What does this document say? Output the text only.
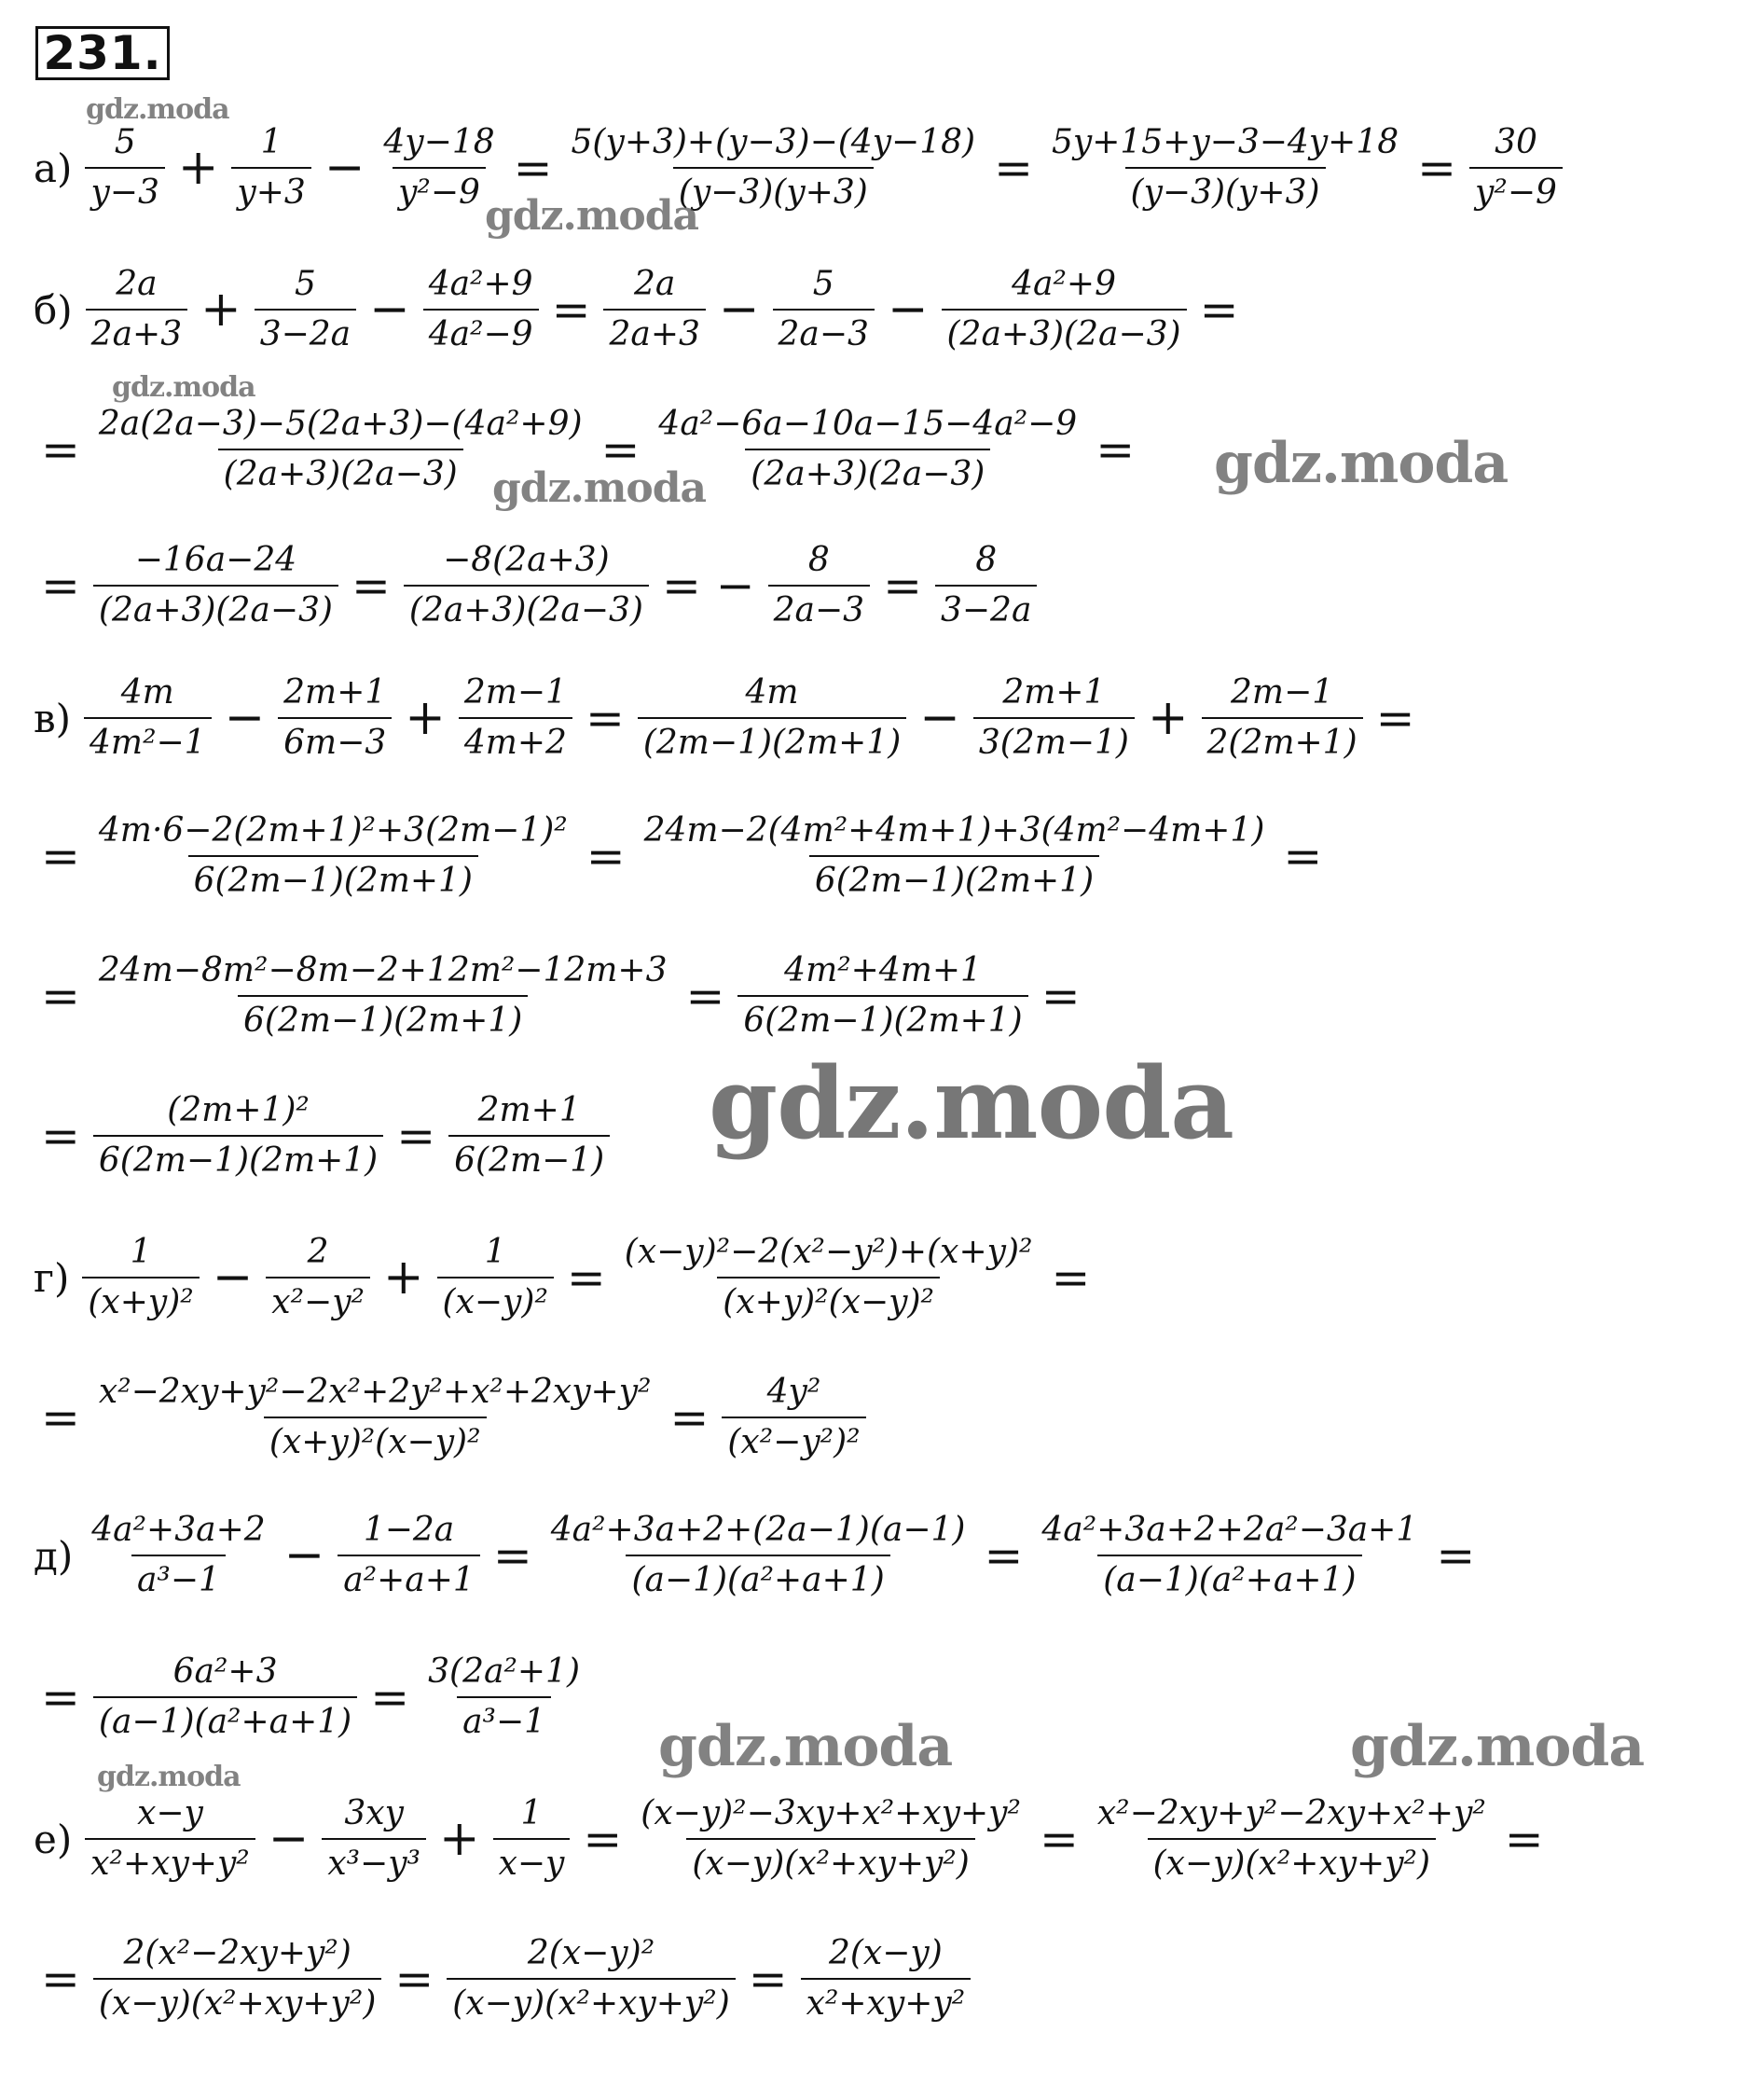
231.
$а) \frac{5}{y-3} + \frac{1}{y+3} - \frac{4y-18}{\text{y²−9}} = \frac{5(y+3)+(y-3)-(4y-18)}{(y-3)(y+3)} = \frac{5y+15+y-3-4y+18}{(y-3)(y+3)} = \frac{30}{\text{y²−9}}$
$б) \frac{2a}{2a+3} + \frac{5}{3-2a} - \frac{\text{4a²+9}}{\text{4a²−9}} = \frac{2a}{2a+3} - \frac{5}{2a-3} - \frac{\text{4a²+9}}{(2a+3)(2a-3)}$ =
= $\frac{\text{2a(2a−3)−5(2a+3)−(4a²+9)}}{(2a+3)(2a-3)} = \frac{\text{4a²−6a−10a−15−4a²−9}}{(2a+3)(2a-3)}$ =
= $\frac{-16a-24}{(2a+3)(2a-3)} = \frac{-8(2a+3)}{(2a+3)(2a-3)}$ = − $\frac{8}{2a-3} = \frac{8}{3-2a}$
$в) \frac{4m}{\text{4m²−1}} - \frac{2m+1}{6m-3} + \frac{2m-1}{4m+2} = \frac{4m}{(2m-1)(2m+1)} - \frac{2m+1}{3(2m-1)} + \frac{2m-1}{2(2m+1)}$ =
= $\frac{\text{4m·6−2(2m+1)²+3(2m−1)²}}{6(2m-1)(2m+1)} = \frac{\text{24m−2(4m²+4m+1)+3(4m²−4m+1)}}{6(2m-1)(2m+1)}$ =
= $\frac{\text{24m−8m²−8m−2+12m²−12m+3}}{6(2m-1)(2m+1)} = \frac{\text{4m²+4m+1}}{6(2m-1)(2m+1)}$ =
= $\frac{\text{(2m+1)²}}{6(2m-1)(2m+1)} = \frac{2m+1}{6(2m-1)}$
$г) \frac{1}{\text{(x+y)²}} - \frac{2}{\text{x²−y²}} + \frac{1}{\text{(x−y)²}} = \frac{\text{(x−y)²−2(x²−y²)+(x+y)²}}{\text{(x+y)²(x−y)²}}$ =
= $\frac{\text{x²−2xy+y²−2x²+2y²+x²+2xy+y²}}{\text{(x+y)²(x−y)²}} = \frac{\text{4y²}}{\text{(x²−y²)²}}$
$д) \frac{\text{4a²+3a+2}}{\text{a³−1}} - \frac{1-2a}{\text{a²+a+1}} = \frac{\text{4a²+3a+2+(2a−1)(a−1)}}{\text{(a−1)(a²+a+1)}} = \frac{\text{4a²+3a+2+2a²−3a+1}}{\text{(a−1)(a²+a+1)}}$ =
= $\frac{\text{6a²+3}}{\text{(a−1)(a²+a+1)}} = \frac{\text{3(2a²+1)}}{\text{a³−1}}$
$е) \frac{x-y}{\text{x²+xy+y²}} - \frac{3xy}{\text{x³−y³}} + \frac{1}{x-y} = \frac{\text{(x−y)²−3xy+x²+xy+y²}}{\text{(x−y)(x²+xy+y²)}} = \frac{\text{x²−2xy+y²−2xy+x²+y²}}{\text{(x−y)(x²+xy+y²)}}$ =
= $\frac{\text{2(x²−2xy+y²)}}{\text{(x−y)(x²+xy+y²)}} = \frac{\text{2(x−y)²}}{\text{(x−y)(x²+xy+y²)}} = \frac{2(x-y)}{\text{x²+xy+y²}}$
gdz.moda
gdz.moda
gdz.moda
gdz.moda	gdz.moda
gdz.moda
gdz.moda	gdz.moda
gdz.moda
